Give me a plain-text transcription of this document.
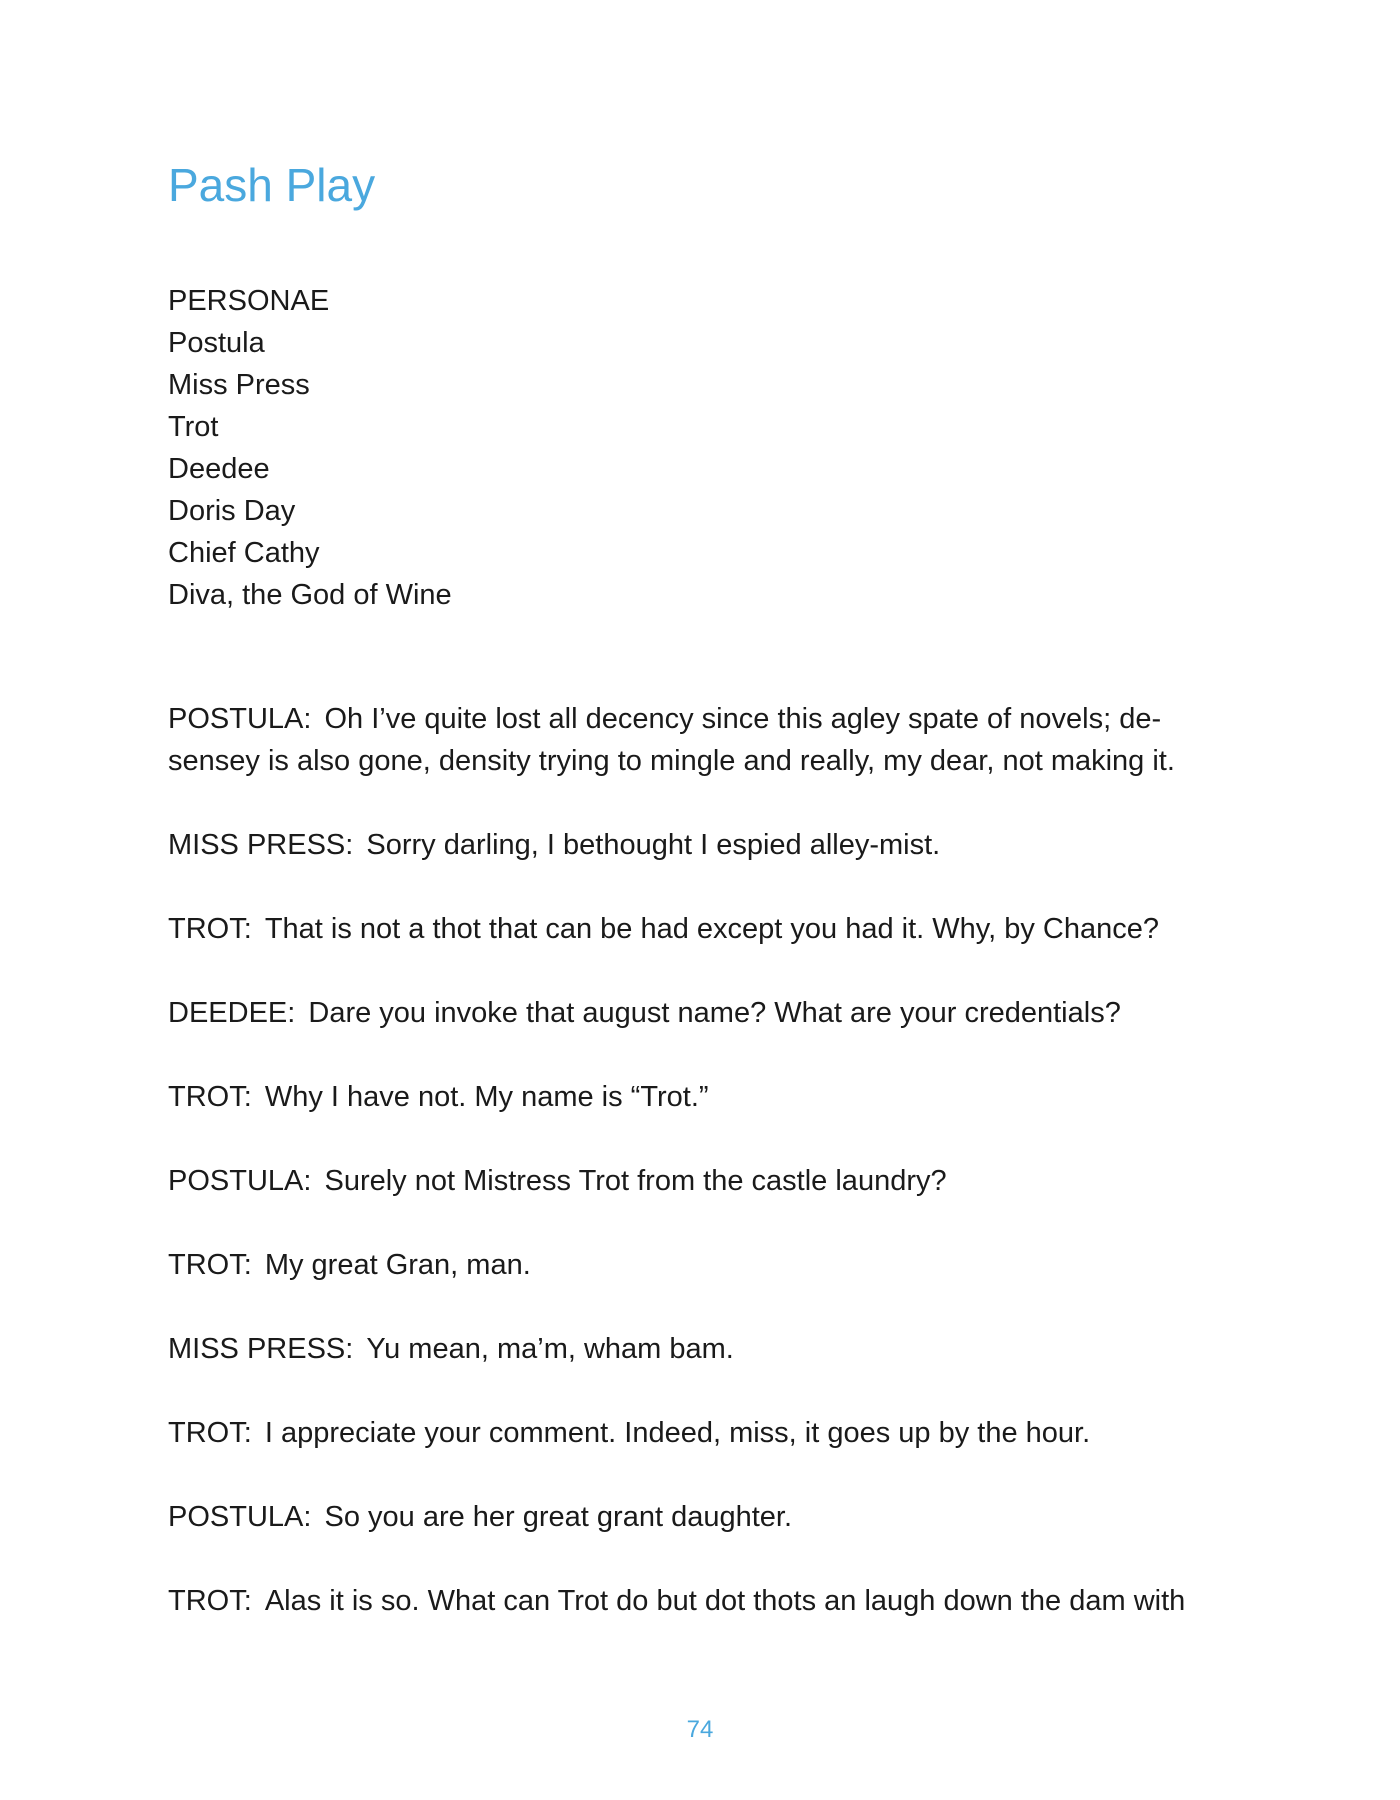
Pash Play
PERSONAE
Postula
Miss Press
Trot
Deedee
Doris Day
Chief Cathy
Diva, the God of Wine

POSTULA: Oh I’ve quite lost all decency since this agley spate of novels; de-sensey is also gone, density trying to mingle and really, my dear, not making it.

MISS PRESS: Sorry darling, I bethought I espied alley-mist.

TROT: That is not a thot that can be had except you had it. Why, by Chance?

DEEDEE: Dare you invoke that august name? What are your credentials?

TROT: Why I have not. My name is “Trot.”

POSTULA: Surely not Mistress Trot from the castle laundry?

TROT: My great Gran, man.

MISS PRESS: Yu mean, ma’m, wham bam.

TROT: I appreciate your comment. Indeed, miss, it goes up by the hour.

POSTULA: So you are her great grant daughter.

TROT: Alas it is so. What can Trot do but dot thots an laugh down the dam with

74
